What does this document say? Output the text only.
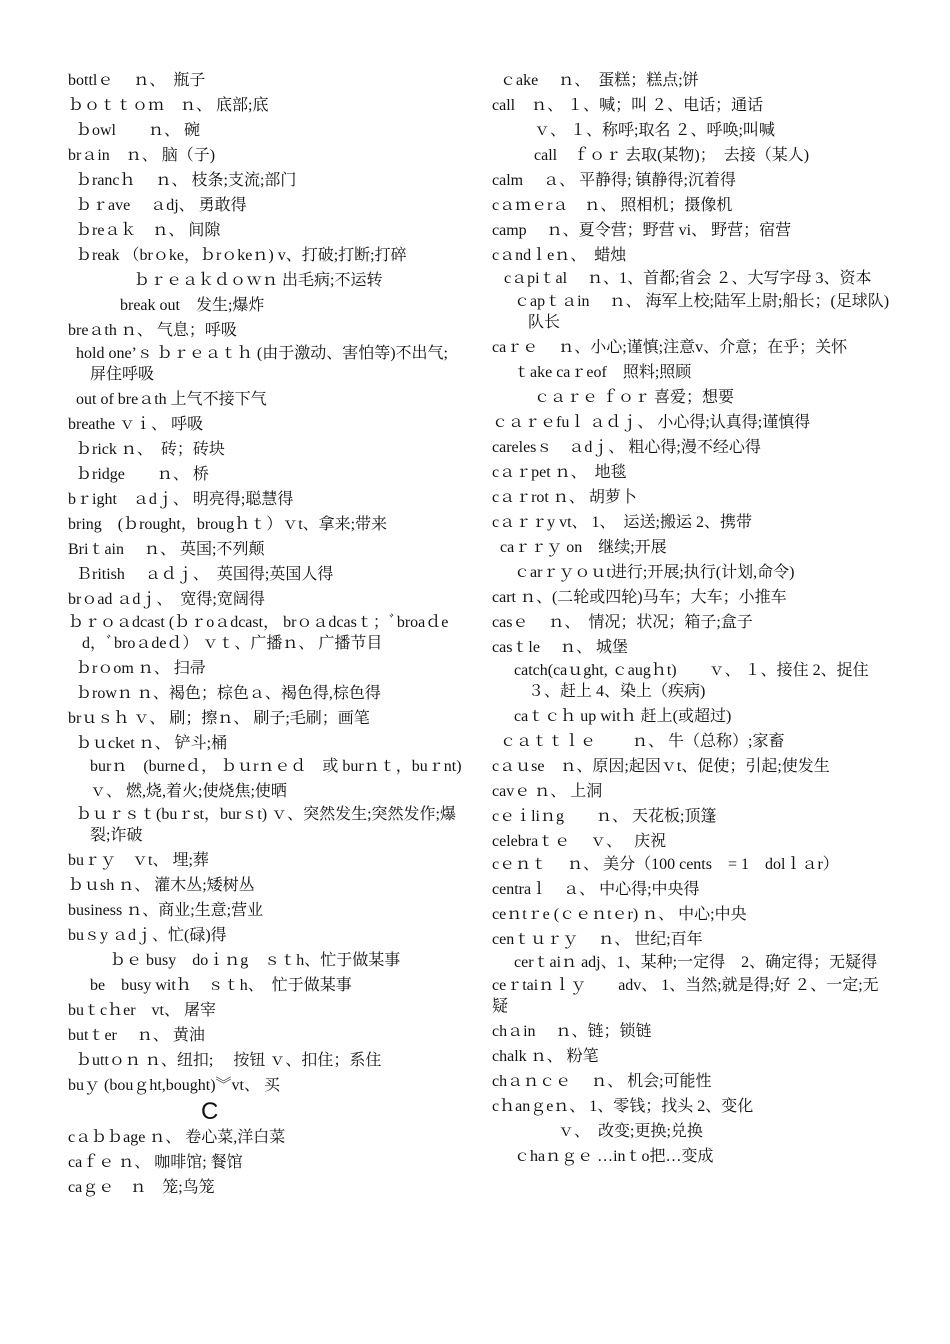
bottlｅ　 ｎ、　瓶子
ｂｏｔｔｏｍ　ｎ、 底部;底
ｂowl　　ｎ、 碗
brａin　ｎ、 脑（子)
ｂrancｈ　 ｎ、 枝条;支流;部门
ｂｒave　 ａdj、 勇敢得
ｂreａｋ　ｎ、 间隙
ｂreak （brｏke，ｂrｏkeｎ) v、打破;打断;打碎
ｂｒｅａｋｄｏｗｎ 出毛病;不运转
break out　发生;爆炸
breａth ｎ、 气息；呼吸
hold one’ｓ ｂｒｅａｔｈ (由于激动、害怕等)不出气;屏住呼吸
out of breａth 上气不接下气
breathe ｖｉ、 呼吸
ｂrick ｎ、　砖；砖块
ｂridge　　ｎ、 桥
bｒight　ａdｊ、 明亮得;聪慧得
bring　(ｂrought，brougｈｔ）ｖt、拿来;带来
Briｔain　 ｎ、 英国;不列颠
Ｂritish　 ａｄｊ、　英国得;英国人得
brｏad ａdｊ、　宽得;宽阔得
ｂｒｏａdcast (ｂｒoａdcast， brｏａdcasｔ；ﾞbroaｄed，ﾞbroａdeｄ） ｖｔ、广播ｎ、 广播节目
ｂrｏom ｎ、 扫帚
ｂrowｎ ｎ、褐色；棕色ａ、褐色得,棕色得
brｕｓｈ ｖ、 刷；擦ｎ、 刷子;毛刷；画笔
ｂｕcket ｎ、 铲斗;桶
burｎ　(burneｄ， ｂｕrｎｅｄ　或 burｎｔ，buｒnt)
ｖ、 燃,烧,着火;使烧焦;使晒
ｂｕｒｓｔ(buｒst，burｓt) ｖ、突然发生;突然发作;爆裂;诈破
buｒｙ　ｖt、 埋;葬
ｂｕsh ｎ、 灌木丛;矮树丛
business ｎ、商业;生意;营业
buｓy ａdｊ、忙(碌)得
ｂｅ busy　doｉｎg　ｓｔh、忙于做某事
be　busy witｈ　ｓｔh、　忙于做某事
buｔcｈer　vt、 屠宰
butｔer　 ｎ、 黄油
ｂuttｏｎ ｎ、纽扣;　 按钮 ｖ、扣住；系住
buｙ (bouｇht,bought)︾vt、 买
C
cａｂｂage ｎ、 卷心菜,洋白菜
caｆｅ ｎ、 咖啡馆; 餐馆
caｇｅ　ｎ　笼;鸟笼
ｃake　 ｎ、　蛋糕；糕点;饼
call　ｎ、 １、喊；叫 ２、电话；通话
ｖ、 １、称呼;取名 ２、呼唤;叫喊
call　ｆｏｒ 去取(某物)；　去接（某人)
calm　 ａ、 平静得; 镇静得;沉着得
cａｍｅrａ　ｎ、 照相机；摄像机
camp　 ｎ、夏令营；野营 vi、 野营；宿营
cａndｌeｎ、　蜡烛
cａpiｔal　 ｎ、1、首都;省会 ２、大写字母 3、资本
ｃapｔａin　 ｎ、 海军上校;陆军上尉;船长；(足球队)队长
caｒｅ　 ｎ、小心;谨慎;注意v、介意；在乎；关怀
ｔake caｒeof　照料;照顾
ｃａｒｅ ｆｏｒ 喜爱；想要
ｃａｒｅfuｌ ａｄｊ、 小心得;认真得;谨慎得
carelesｓ　ａdｊ、 粗心得;漫不经心得
cａｒpet ｎ、　地毯
cａｒrot ｎ、 胡萝卜
cａｒｒy vt、 1、　运送;搬运 2、携带
caｒｒｙ on　继续;开展
ｃarｒｙｏｕt进行;开展;执行(计划,命令)
cart ｎ、(二轮或四轮)马车；大车；小推车
casｅ　 ｎ、　情况；状况；箱子;盒子
casｔle　 ｎ、 城堡
catch(caｕght, ｃaugｈt)　　ｖ、 １、接住 2、捉住 ３、赶上 4、染上（疾病)
caｔｃｈ up witｈ 赶上(或超过)
ｃａｔｔｌｅ　　 ｎ、 牛（总称）;家畜
cａｕse　ｎ、原因;起因ｖt、促使；引起;使发生
cavｅ ｎ、 上洞
cｅｉliｎg　　ｎ、 天花板;顶篷
celebraｔｅ　 ｖ、　 庆祝
cｅｎｔ　 ｎ、 美分（100 cents　= 1　dolｌａr）
centraｌ　ａ、 中心得;中央得
ceｎtｒe (ｃｅｎtｅr) ｎ、 中心;中央
cenｔｕｒｙ　 ｎ、 世纪;百年
cerｔaiｎ adj、1、某种;一定得　2、确定得；无疑得
ceｒtaiｎｌｙ　　adv、 1、当然;就是得;好 ２、一定;无疑
chａin　 ｎ、链；锁链
chalk ｎ、 粉笔
chａｎｃｅ　 ｎ、 机会;可能性
cｈanｇeｎ、 1、零钱；找头 2、变化
ｖ、　改变;更换;兑换
ｃhaｎｇｅ …inｔo把…变成
